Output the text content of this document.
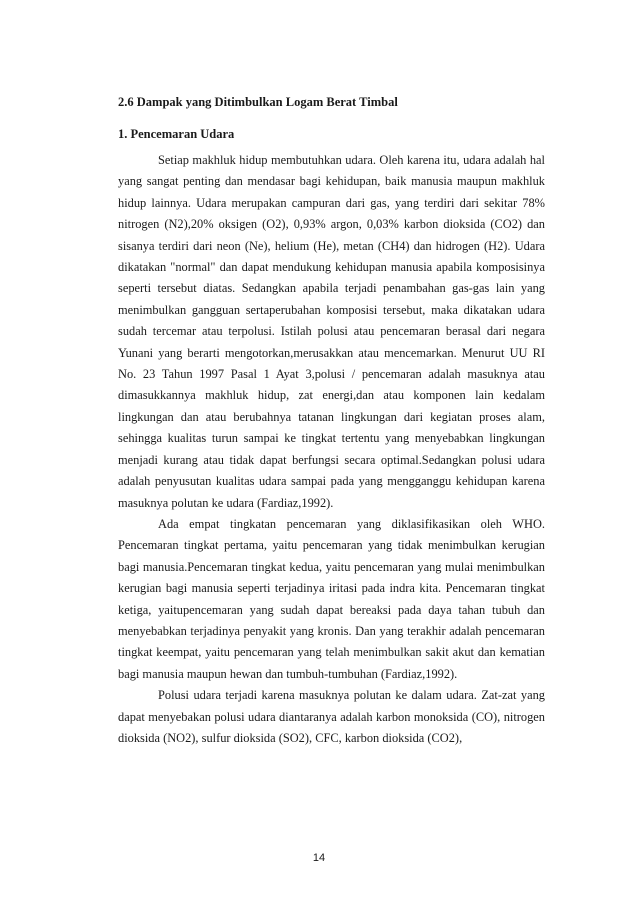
2.6 Dampak yang Ditimbulkan Logam Berat Timbal
1. Pencemaran Udara

Setiap makhluk hidup membutuhkan udara. Oleh karena itu, udara adalah hal yang sangat penting dan mendasar bagi kehidupan, baik manusia maupun makhluk hidup lainnya. Udara merupakan campuran dari gas, yang terdiri dari sekitar 78% nitrogen (N2),20% oksigen (O2), 0,93% argon, 0,03% karbon dioksida (CO2) dan sisanya terdiri dari neon (Ne), helium (He), metan (CH4) dan hidrogen (H2). Udara dikatakan "normal" dan dapat mendukung kehidupan manusia apabila komposisinya seperti tersebut diatas. Sedangkan apabila terjadi penambahan gas-gas lain yang menimbulkan gangguan sertaperubahan komposisi tersebut, maka dikatakan udara sudah tercemar atau terpolusi. Istilah polusi atau pencemaran berasal dari negara Yunani yang berarti mengotorkan,merusakkan atau mencemarkan. Menurut UU RI No. 23 Tahun 1997 Pasal 1 Ayat 3,polusi / pencemaran adalah masuknya atau dimasukkannya makhluk hidup, zat energi,dan atau komponen lain kedalam lingkungan dan atau berubahnya tatanan lingkungan dari kegiatan proses alam, sehingga kualitas turun sampai ke tingkat tertentu yang menyebabkan lingkungan menjadi kurang atau tidak dapat berfungsi secara optimal.Sedangkan polusi udara adalah penyusutan kualitas udara sampai pada yang mengganggu kehidupan karena masuknya polutan ke udara (Fardiaz,1992).

Ada empat tingkatan pencemaran yang diklasifikasikan oleh WHO. Pencemaran tingkat pertama, yaitu pencemaran yang tidak menimbulkan kerugian bagi manusia.Pencemaran tingkat kedua, yaitu pencemaran yang mulai menimbulkan kerugian bagi manusia seperti terjadinya iritasi pada indra kita. Pencemaran tingkat ketiga, yaitupencemaran yang sudah dapat bereaksi pada daya tahan tubuh dan menyebabkan terjadinya penyakit yang kronis. Dan yang terakhir adalah pencemaran tingkat keempat, yaitu pencemaran yang telah menimbulkan sakit akut dan kematian bagi manusia maupun hewan dan tumbuh-tumbuhan (Fardiaz,1992).

Polusi udara terjadi karena masuknya polutan ke dalam udara. Zat-zat yang dapat menyebakan polusi udara diantaranya adalah karbon monoksida (CO), nitrogen dioksida (NO2), sulfur dioksida (SO2), CFC, karbon dioksida (CO2),

14
